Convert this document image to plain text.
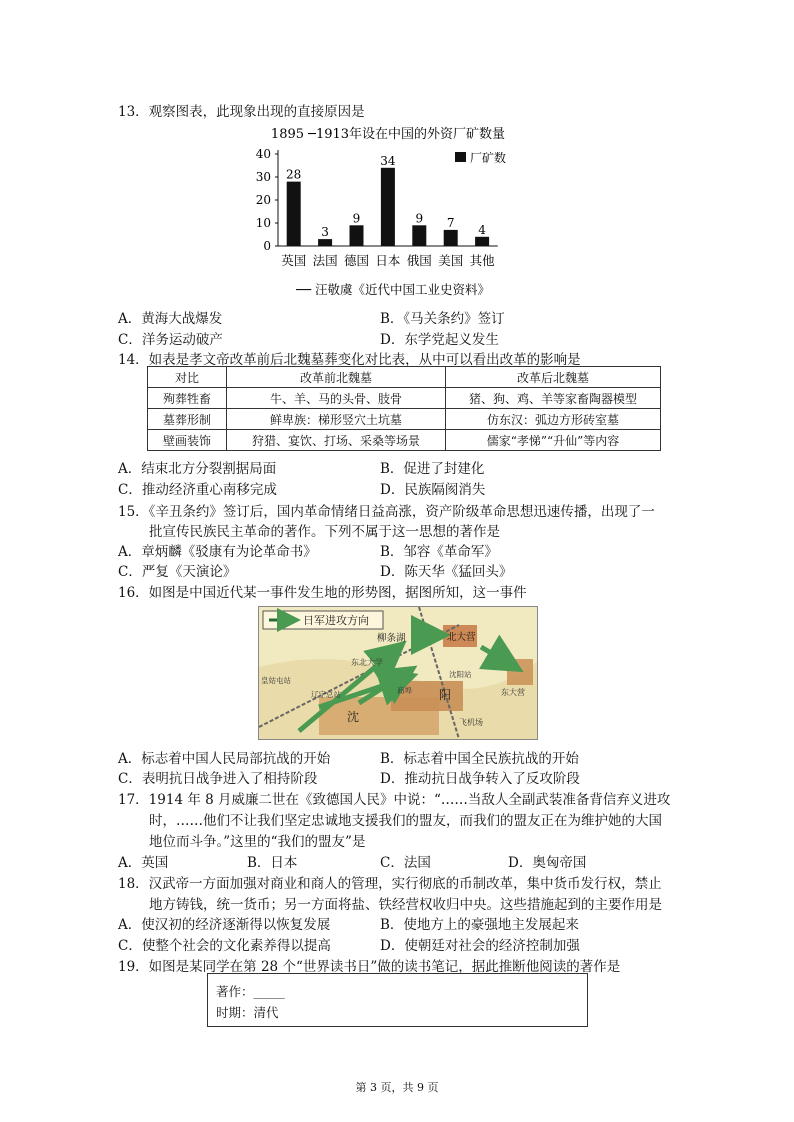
13．观察图表，此现象出现的直接原因是
1895 ─1913年设在中国的外资厂矿数量
厂矿数
0
10
20
30
40
28
3
9
34
9 7 4
英国 法国 德国 日本 俄国 美国 其他
── 汪敬虞《近代中国工业史资料》
A．黄海大战爆发	B．《马关条约》签订
C．洋务运动破产	D．东学党起义发生
14．如表是孝文帝改革前后北魏墓葬变化对比表，从中可以看出改革的影响是
对比	改革前北魏墓	改革后北魏墓
殉葬牲畜	牛、羊、马的头骨、肢骨	猪、狗、鸡、羊等家畜陶器模型
墓葬形制	鲜卑族：梯形竖穴土坑墓	仿东汉：弧边方形砖室墓
壁画装饰	狩猎、宴饮、打场、采桑等场景	儒家“孝悌”“升仙”等内容
A．结束北方分裂割据局面	B．促进了封建化
C．推动经济重心南移完成	D．民族隔阂消失
15．《辛丑条约》签订后，国内革命情绪日益高涨，资产阶级革命思想迅速传播，出现了一
批宣传民族民主革命的著作。下列不属于这一思想的著作是
A．章炳麟《驳康有为论革命书》	B．邹容《革命军》
C．严复《天演论》	D．陈天华《猛回头》
16．如图是中国近代某一事件发生地的形势图，据图所知，这一事件
日军进攻方向
柳条湖	北大营
东北大学
皇姑屯站
辽宁总站
沈
阳
商埠
沈阳站
东大营
飞机场
A．标志着中国人民局部抗战的开始	B．标志着中国全民族抗战的开始
C．表明抗日战争进入了相持阶段	D．推动抗日战争转入了反攻阶段
17．1914 年 8 月威廉二世在《致德国人民》中说：“……当敌人全副武装准备背信弃义进攻
时，……他们不让我们坚定忠诚地支援我们的盟友，而我们的盟友正在为维护她的大国
地位而斗争。”这里的“我们的盟友”是
A．英国	B．日本	C．法国	D．奥匈帝国
18．汉武帝一方面加强对商业和商人的管理，实行彻底的币制改革，集中货币发行权，禁止
地方铸钱，统一货币；另一方面将盐、铁经营权收归中央。这些措施起到的主要作用是
A．使汉初的经济逐渐得以恢复发展	B．使地方上的豪强地主发展起来
C．使整个社会的文化素养得以提高	D．使朝廷对社会的经济控制加强
19．如图是某同学在第 28 个“世界读书日”做的读书笔记，据此推断他阅读的著作是
著作：_____
时期：清代
第 3 页，共 9 页
